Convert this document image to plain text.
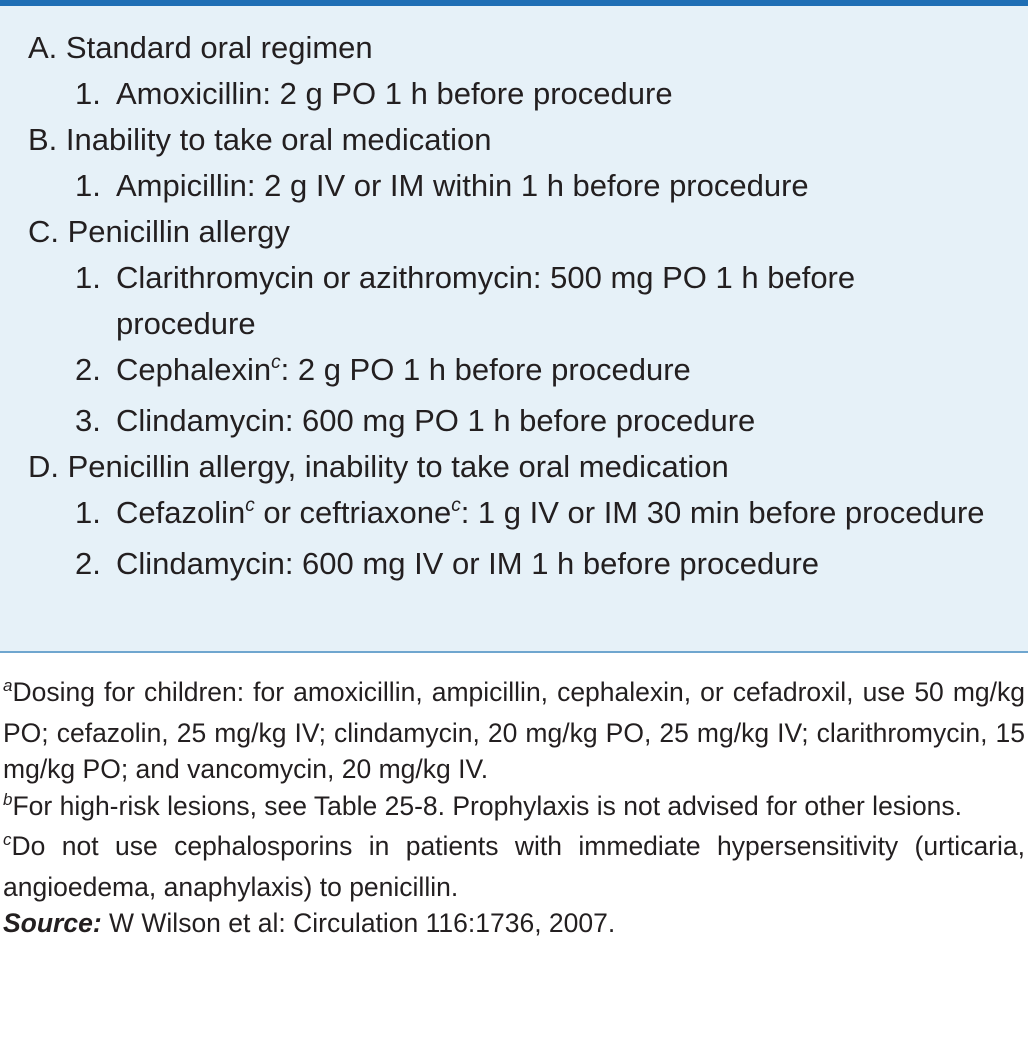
A. Standard oral regimen
1. Amoxicillin: 2 g PO 1 h before procedure
B. Inability to take oral medication
1. Ampicillin: 2 g IV or IM within 1 h before procedure
C. Penicillin allergy
1. Clarithromycin or azithromycin: 500 mg PO 1 h before procedure
2. Cephalexin$^c$: 2 g PO 1 h before procedure
3. Clindamycin: 600 mg PO 1 h before procedure
D. Penicillin allergy, inability to take oral medication
1. Cefazolin$^c$ or ceftriaxone$^c$: 1 g IV or IM 30 min before procedure
2. Clindamycin: 600 mg IV or IM 1 h before procedure
$^a$Dosing for children: for amoxicillin, ampicillin, cephalexin, or cefadroxil, use 50 mg/kg PO; cefazolin, 25 mg/kg IV; clindamycin, 20 mg/kg PO, 25 mg/kg IV; clarithromycin, 15 mg/kg PO; and vancomycin, 20 mg/kg IV.
$^b$For high-risk lesions, see Table 25-8. Prophylaxis is not advised for other lesions.
$^c$Do not use cephalosporins in patients with immediate hypersensitivity (urticaria, angioedema, anaphylaxis) to penicillin.
Source: W Wilson et al: Circulation 116:1736, 2007.
